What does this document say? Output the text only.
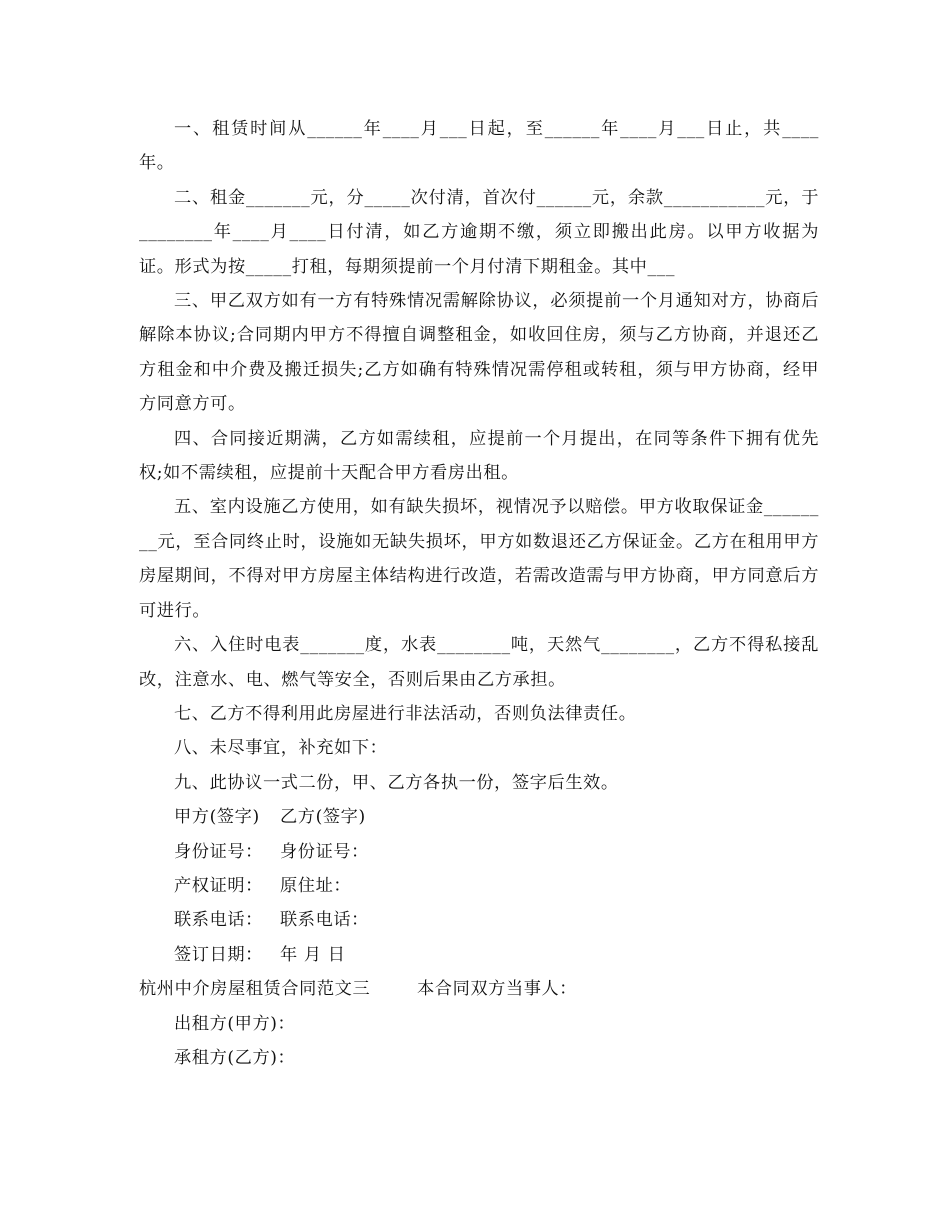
一、租赁时间从______年____月___日起，至______年____月___日止，共____年。

二、租金_______元，分_____次付清，首次付______元，余款___________元，于________年____月____日付清，如乙方逾期不缴，须立即搬出此房。以甲方收据为证。形式为按_____打租，每期须提前一个月付清下期租金。其中___

三、甲乙双方如有一方有特殊情况需解除协议，必须提前一个月通知对方，协商后解除本协议;合同期内甲方不得擅自调整租金，如收回住房，须与乙方协商，并退还乙方租金和中介费及搬迁损失;乙方如确有特殊情况需停租或转租，须与甲方协商，经甲方同意方可。

四、合同接近期满，乙方如需续租，应提前一个月提出，在同等条件下拥有优先权;如不需续租，应提前十天配合甲方看房出租。

五、室内设施乙方使用，如有缺失损坏，视情况予以赔偿。甲方收取保证金________元，至合同终止时，设施如无缺失损坏，甲方如数退还乙方保证金。乙方在租用甲方房屋期间，不得对甲方房屋主体结构进行改造，若需改造需与甲方协商，甲方同意后方可进行。

六、入住时电表_______度，水表________吨，天然气________，乙方不得私接乱改，注意水、电、燃气等安全，否则后果由乙方承担。

七、乙方不得利用此房屋进行非法活动，否则负法律责任。

八、未尽事宜，补充如下：

九、此协议一式二份，甲、乙方各执一份，签字后生效。

甲方(签字)	乙方(签字)
身份证号： 身份证号：
产权证明： 原住址：
联系电话： 联系电话：
签订日期： 年 月 日
杭州中介房屋租赁合同范文三	本合同双方当事人：
出租方(甲方)：
承租方(乙方)：
